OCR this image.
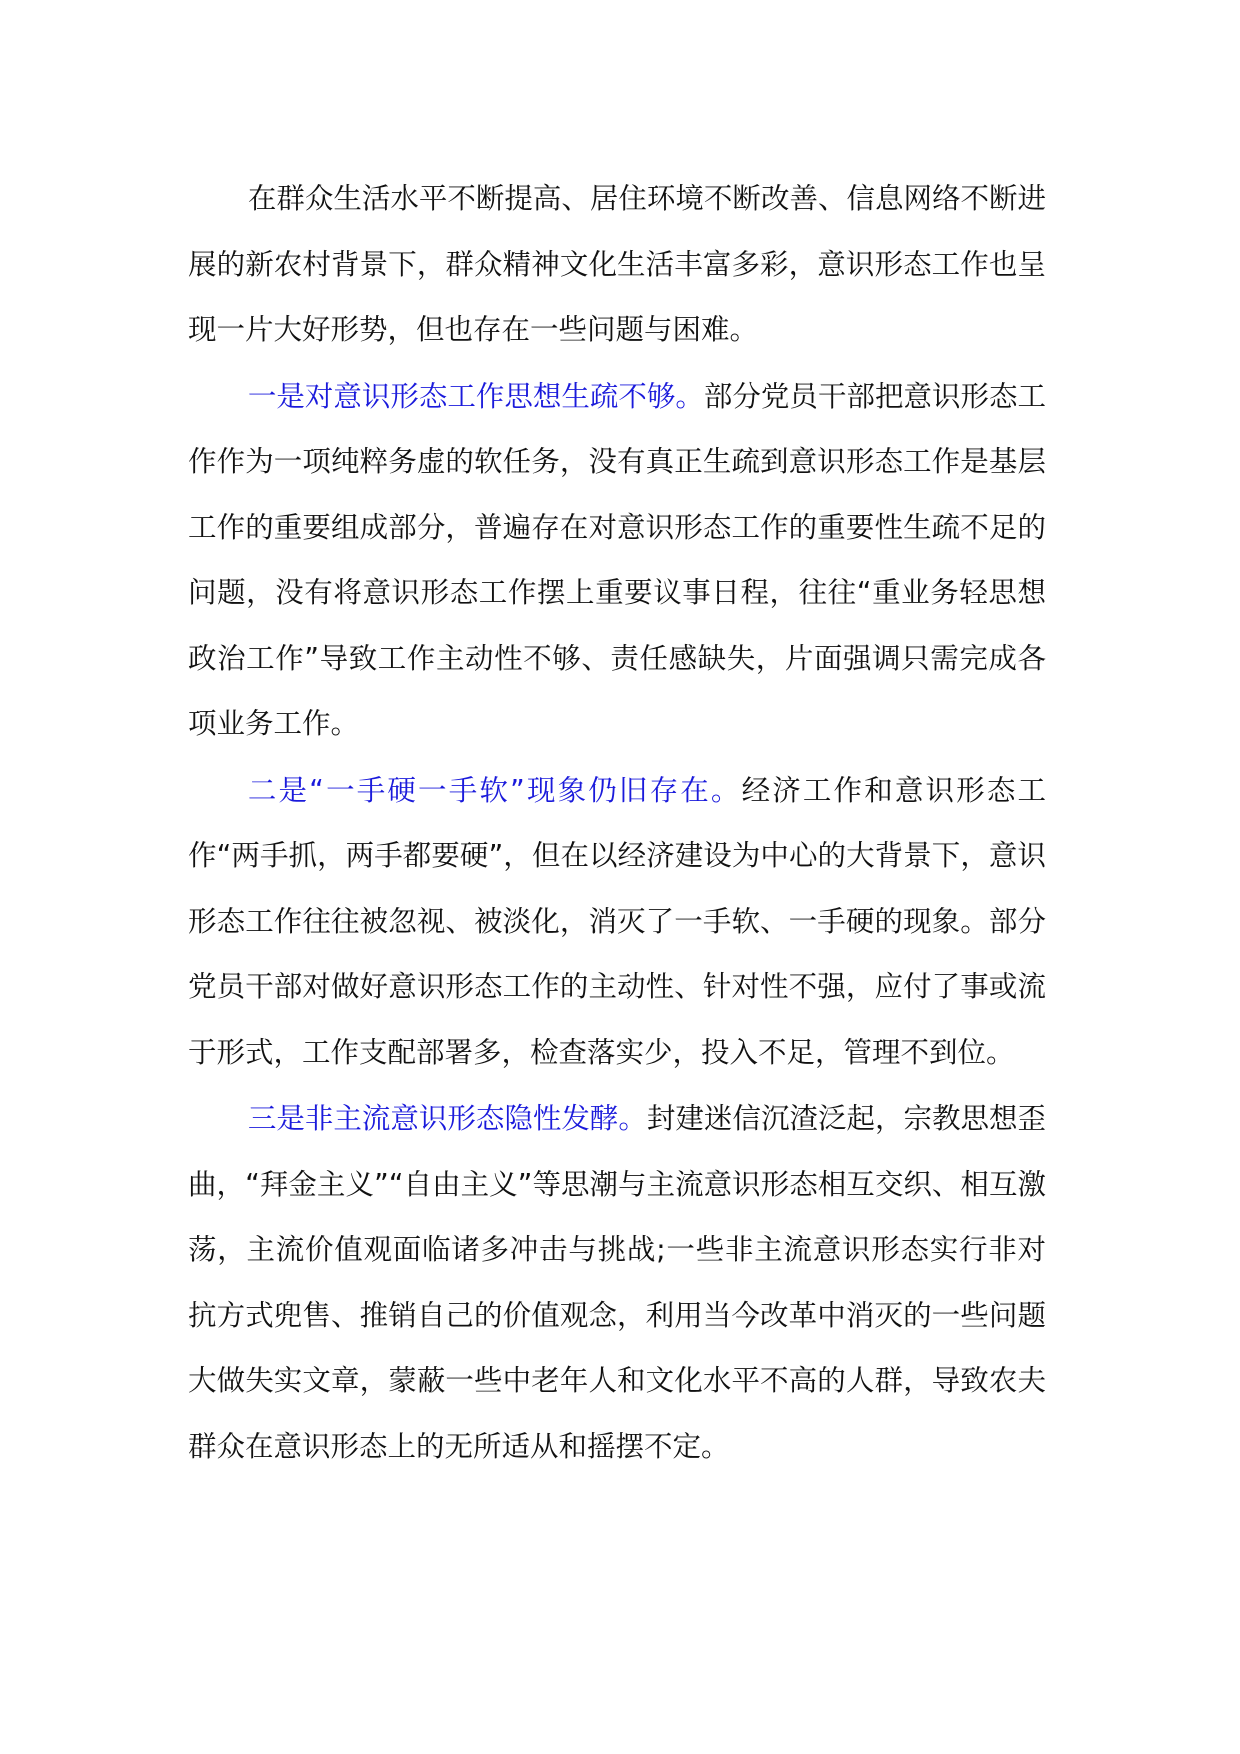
在群众生活水平不断提高、居住环境不断改善、信息网络不断进展的新农村背景下，群众精神文化生活丰富多彩，意识形态工作也呈现一片大好形势，但也存在一些问题与困难。

一是对意识形态工作思想生疏不够。部分党员干部把意识形态工作作为一项纯粹务虚的软任务，没有真正生疏到意识形态工作是基层工作的重要组成部分，普遍存在对意识形态工作的重要性生疏不足的问题，没有将意识形态工作摆上重要议事日程，往往“重业务轻思想政治工作”导致工作主动性不够、责任感缺失，片面强调只需完成各项业务工作。

二是“一手硬一手软”现象仍旧存在。经济工作和意识形态工作“两手抓，两手都要硬”，但在以经济建设为中心的大背景下，意识形态工作往往被忽视、被淡化，消灭了一手软、一手硬的现象。部分党员干部对做好意识形态工作的主动性、针对性不强，应付了事或流于形式，工作支配部署多，检查落实少，投入不足，管理不到位。

三是非主流意识形态隐性发酵。封建迷信沉渣泛起，宗教思想歪曲，“拜金主义”“自由主义”等思潮与主流意识形态相互交织、相互激荡，主流价值观面临诸多冲击与挑战;一些非主流意识形态实行非对抗方式兜售、推销自己的价值观念，利用当今改革中消灭的一些问题大做失实文章，蒙蔽一些中老年人和文化水平不高的人群，导致农夫群众在意识形态上的无所适从和摇摆不定。
